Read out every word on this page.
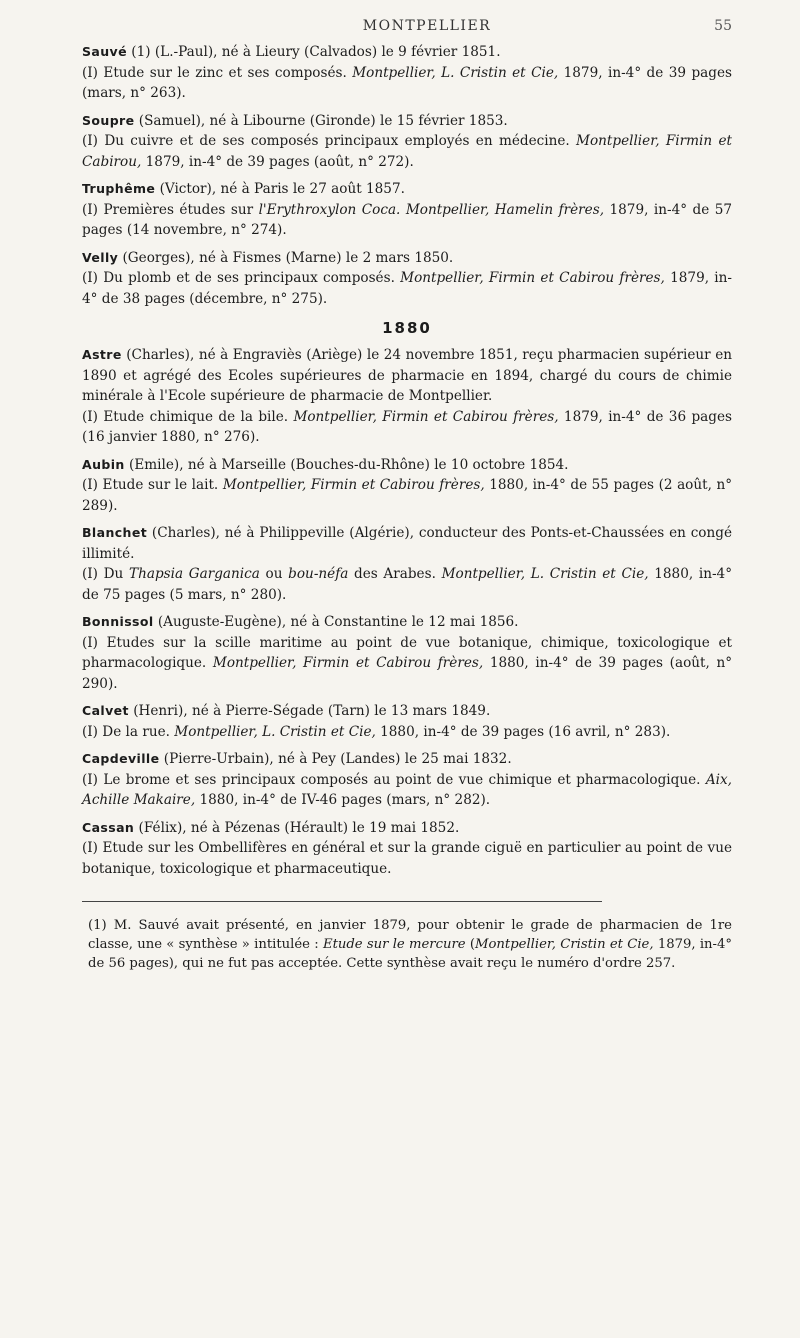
MONTPELLIER	55

Sauvé (1) (L.-Paul), né à Lieury (Calvados) le 9 février 1851.

(I) Etude sur le zinc et ses composés. Montpellier, L. Cristin et Cie, 1879, in-4° de 39 pages (mars, n° 263).

Soupre (Samuel), né à Libourne (Gironde) le 15 février 1853.

(I) Du cuivre et de ses composés principaux employés en médecine. Montpellier, Firmin et Cabirou, 1879, in-4° de 39 pages (août, n° 272).

Truphême (Victor), né à Paris le 27 août 1857.

(I) Premières études sur l'Erythroxylon Coca. Montpellier, Hamelin frères, 1879, in-4° de 57 pages (14 novembre, n° 274).

Velly (Georges), né à Fismes (Marne) le 2 mars 1850.

(I) Du plomb et de ses principaux composés. Montpellier, Firmin et Cabirou frères, 1879, in-4° de 38 pages (décembre, n° 275).

1880

Astre (Charles), né à Engraviès (Ariège) le 24 novembre 1851, reçu pharmacien supérieur en 1890 et agrégé des Ecoles supérieures de pharmacie en 1894, chargé du cours de chimie minérale à l'Ecole supérieure de pharmacie de Montpellier.

(I) Etude chimique de la bile. Montpellier, Firmin et Cabirou frères, 1879, in-4° de 36 pages (16 janvier 1880, n° 276).

Aubin (Emile), né à Marseille (Bouches-du-Rhône) le 10 octobre 1854.

(I) Etude sur le lait. Montpellier, Firmin et Cabirou frères, 1880, in-4° de 55 pages (2 août, n° 289).

Blanchet (Charles), né à Philippeville (Algérie), conducteur des Ponts-et-Chaussées en congé illimité.

(I) Du Thapsia Garganica ou bou-néfa des Arabes. Montpellier, L. Cristin et Cie, 1880, in-4° de 75 pages (5 mars, n° 280).

Bonnissol (Auguste-Eugène), né à Constantine le 12 mai 1856.

(I) Etudes sur la scille maritime au point de vue botanique, chimique, toxicologique et pharmacologique. Montpellier, Firmin et Cabirou frères, 1880, in-4° de 39 pages (août, n° 290).

Calvet (Henri), né à Pierre-Ségade (Tarn) le 13 mars 1849.

(I) De la rue. Montpellier, L. Cristin et Cie, 1880, in-4° de 39 pages (16 avril, n° 283).

Capdeville (Pierre-Urbain), né à Pey (Landes) le 25 mai 1832.

(I) Le brome et ses principaux composés au point de vue chimique et pharmacologique. Aix, Achille Makaire, 1880, in-4° de IV-46 pages (mars, n° 282).

Cassan (Félix), né à Pézenas (Hérault) le 19 mai 1852.

(I) Etude sur les Ombellifères en général et sur la grande ciguë en particulier au point de vue botanique, toxicologique et pharmaceutique.

(1) M. Sauvé avait présenté, en janvier 1879, pour obtenir le grade de pharmacien de 1re classe, une « synthèse » intitulée : Etude sur le mercure (Montpellier, Cristin et Cie, 1879, in-4° de 56 pages), qui ne fut pas acceptée. Cette synthèse avait reçu le numéro d'ordre 257.
